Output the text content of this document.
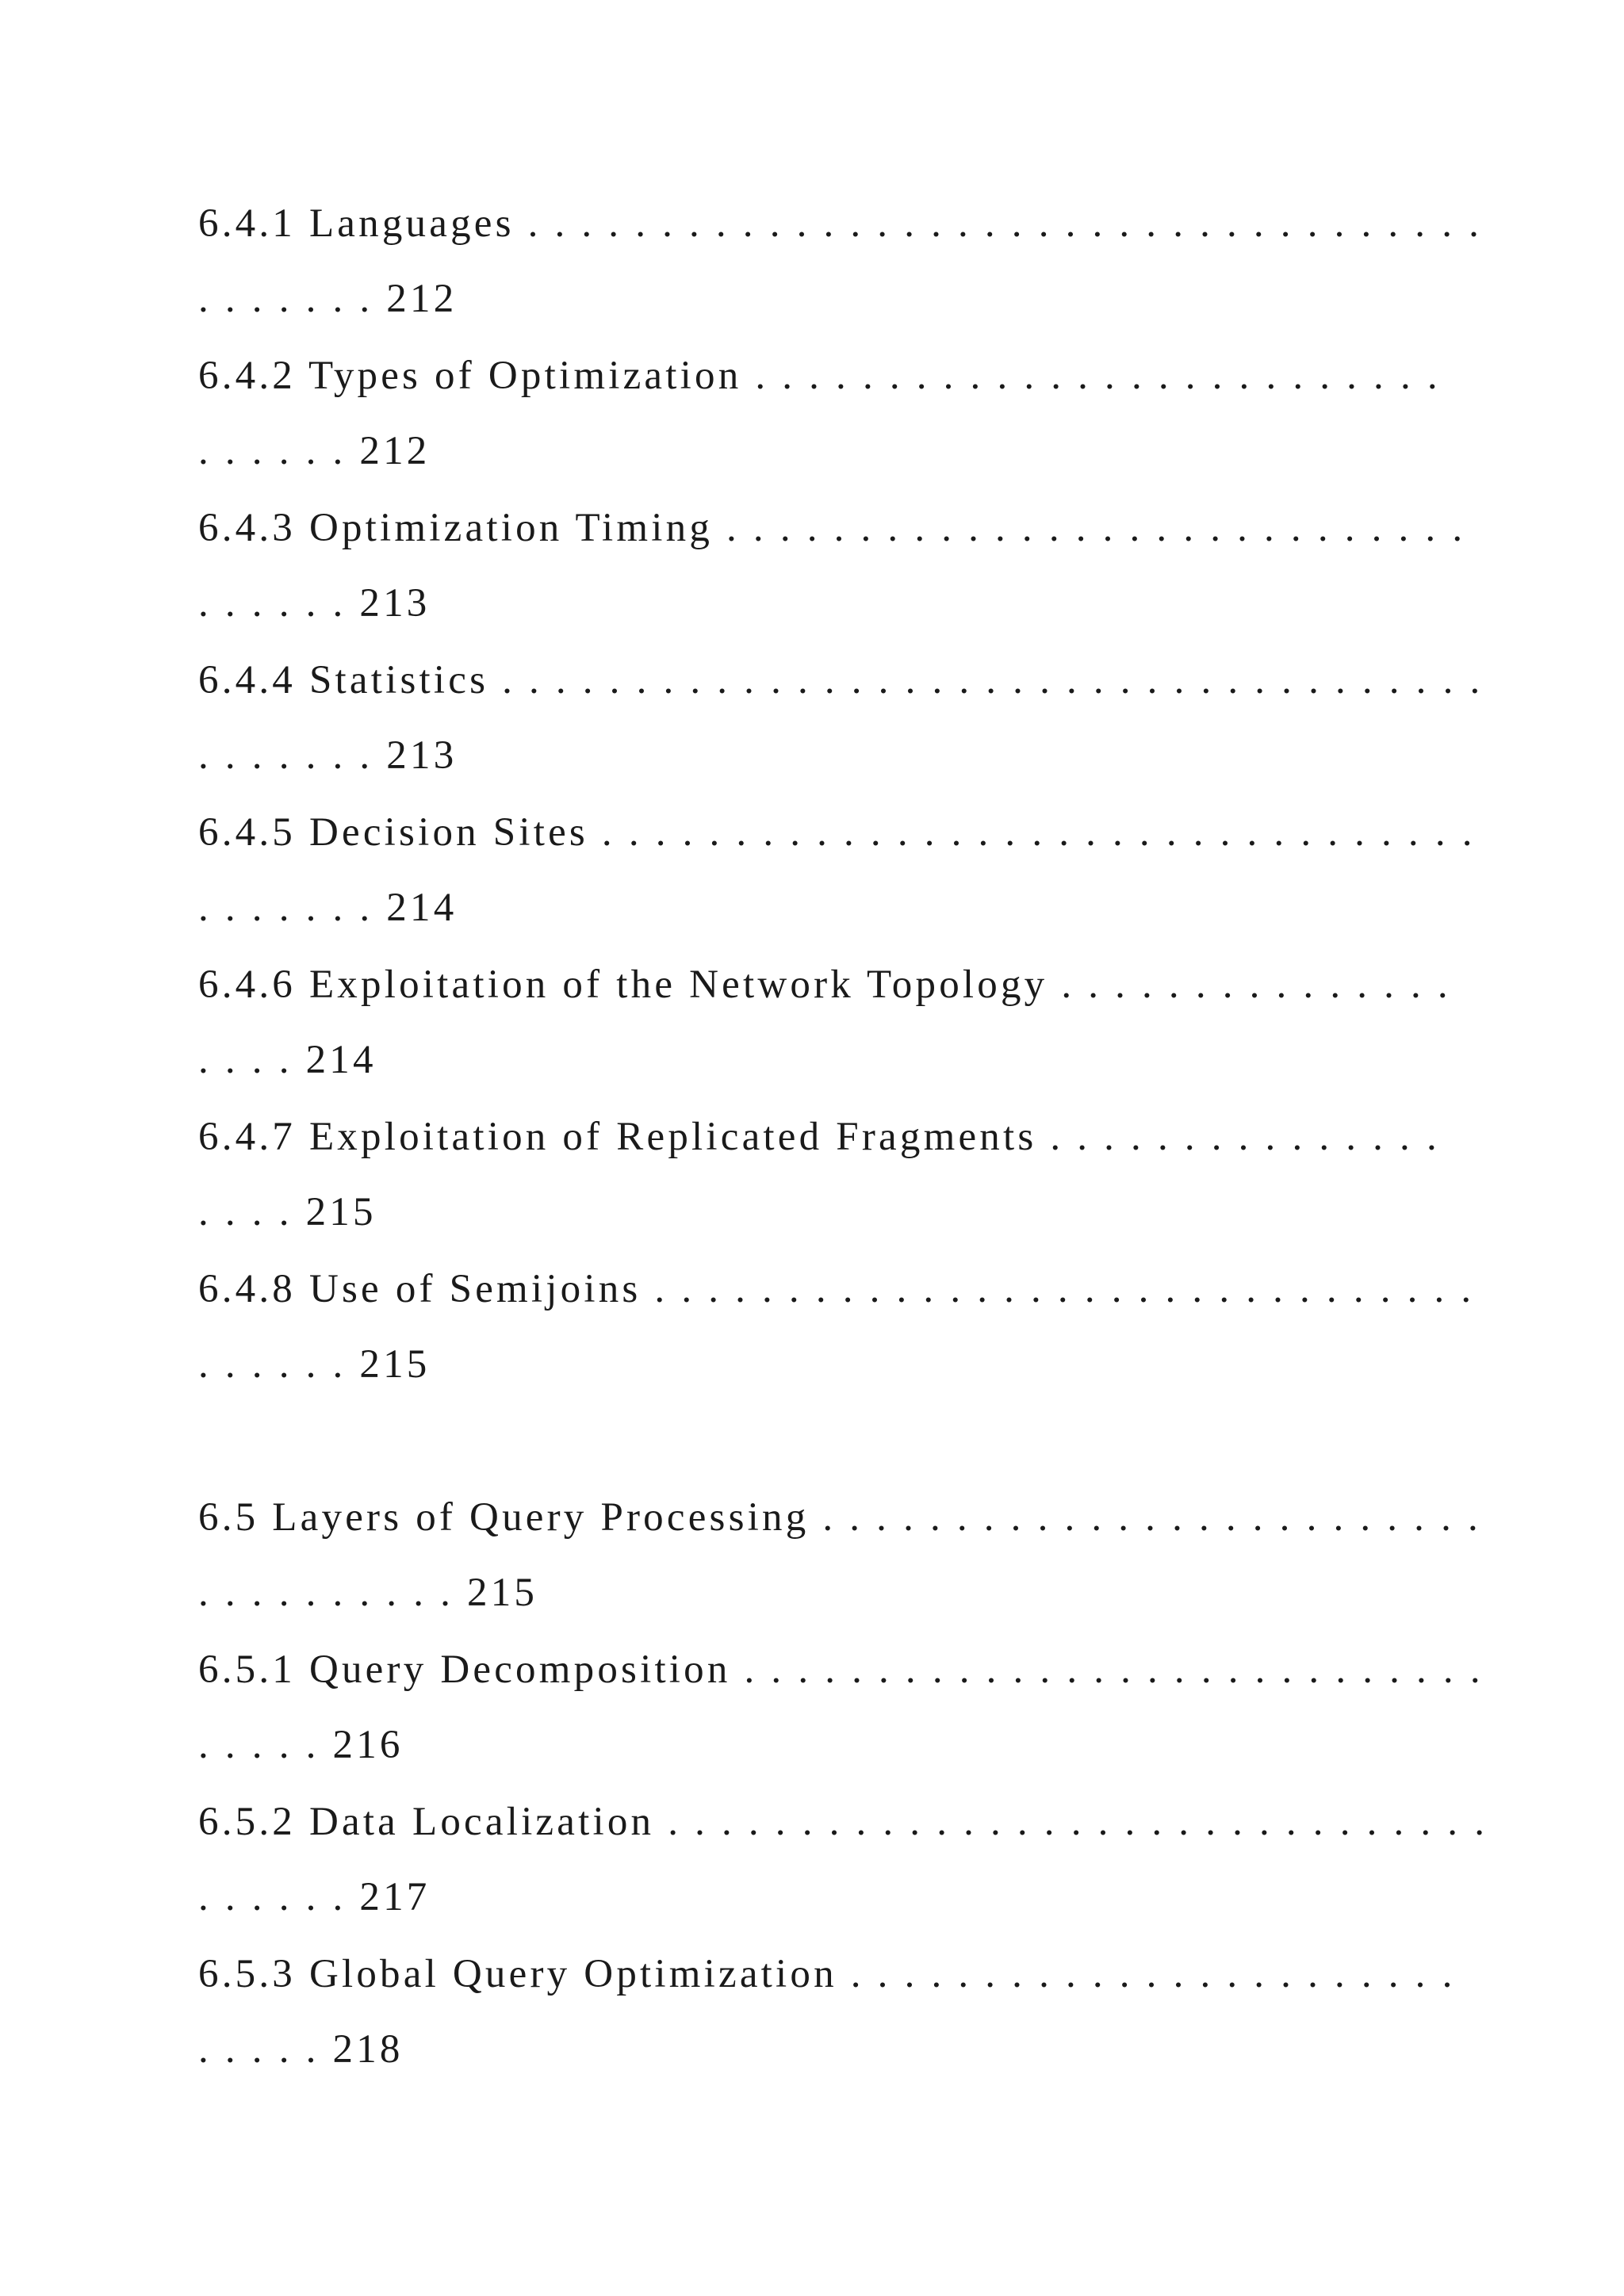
6.4.1 Languages . . . . . . . . . . . . . . . . . . . . . . . . . . . . . . . . . . . .

. . . . . . . 212

6.4.2 Types of Optimization . . . . . . . . . . . . . . . . . . . . . . . . . .

. . . . . . 212

6.4.3 Optimization Timing . . . . . . . . . . . . . . . . . . . . . . . . . . . .

. . . . . . 213

6.4.4 Statistics . . . . . . . . . . . . . . . . . . . . . . . . . . . . . . . . . . . . .

. . . . . . . 213

6.4.5 Decision Sites . . . . . . . . . . . . . . . . . . . . . . . . . . . . . . . . .

. . . . . . . 214

6.4.6 Exploitation of the Network Topology . . . . . . . . . . . . . . .

. . . . 214

6.4.7 Exploitation of Replicated Fragments . . . . . . . . . . . . . . .

. . . . 215

6.4.8 Use of Semijoins . . . . . . . . . . . . . . . . . . . . . . . . . . . . . . .

. . . . . . 215

6.5 Layers of Query Processing . . . . . . . . . . . . . . . . . . . . . . . . .

. . . . . . . . . . 215

6.5.1 Query Decomposition . . . . . . . . . . . . . . . . . . . . . . . . . . . .

. . . . . 216

6.5.2 Data Localization . . . . . . . . . . . . . . . . . . . . . . . . . . . . . . .

. . . . . . 217

6.5.3 Global Query Optimization . . . . . . . . . . . . . . . . . . . . . . .

. . . . . 218
